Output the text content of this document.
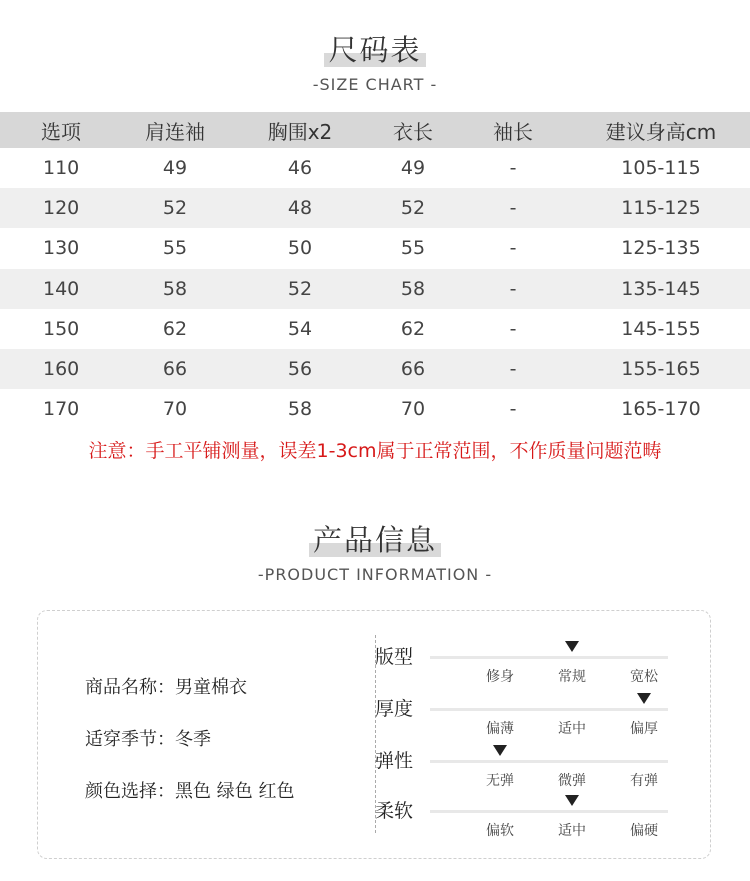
尺码表
-SIZE CHART -
选项	肩连袖	胸围x2	衣长	袖长	建议身高cm
110	49	46	49	-	105-115
120	52	48	52	-	115-125
130	55	50	55	-	125-135
140	58	52	58	-	135-145
150	62	54	62	-	145-155
160	66	56	66	-	155-165
170	70	58	70	-	165-170
注意：手工平铺测量，误差1-3cm属于正常范围，不作质量问题范畴
产品信息
-PRODUCT INFORMATION -
商品名称：男童棉衣
适穿季节：冬季
颜色选择：黑色 绿色 红色
版型
修身	常规	宽松
厚度
偏薄	适中	偏厚
弹性
无弹	微弹	有弹
柔软
偏软	适中	偏硬
